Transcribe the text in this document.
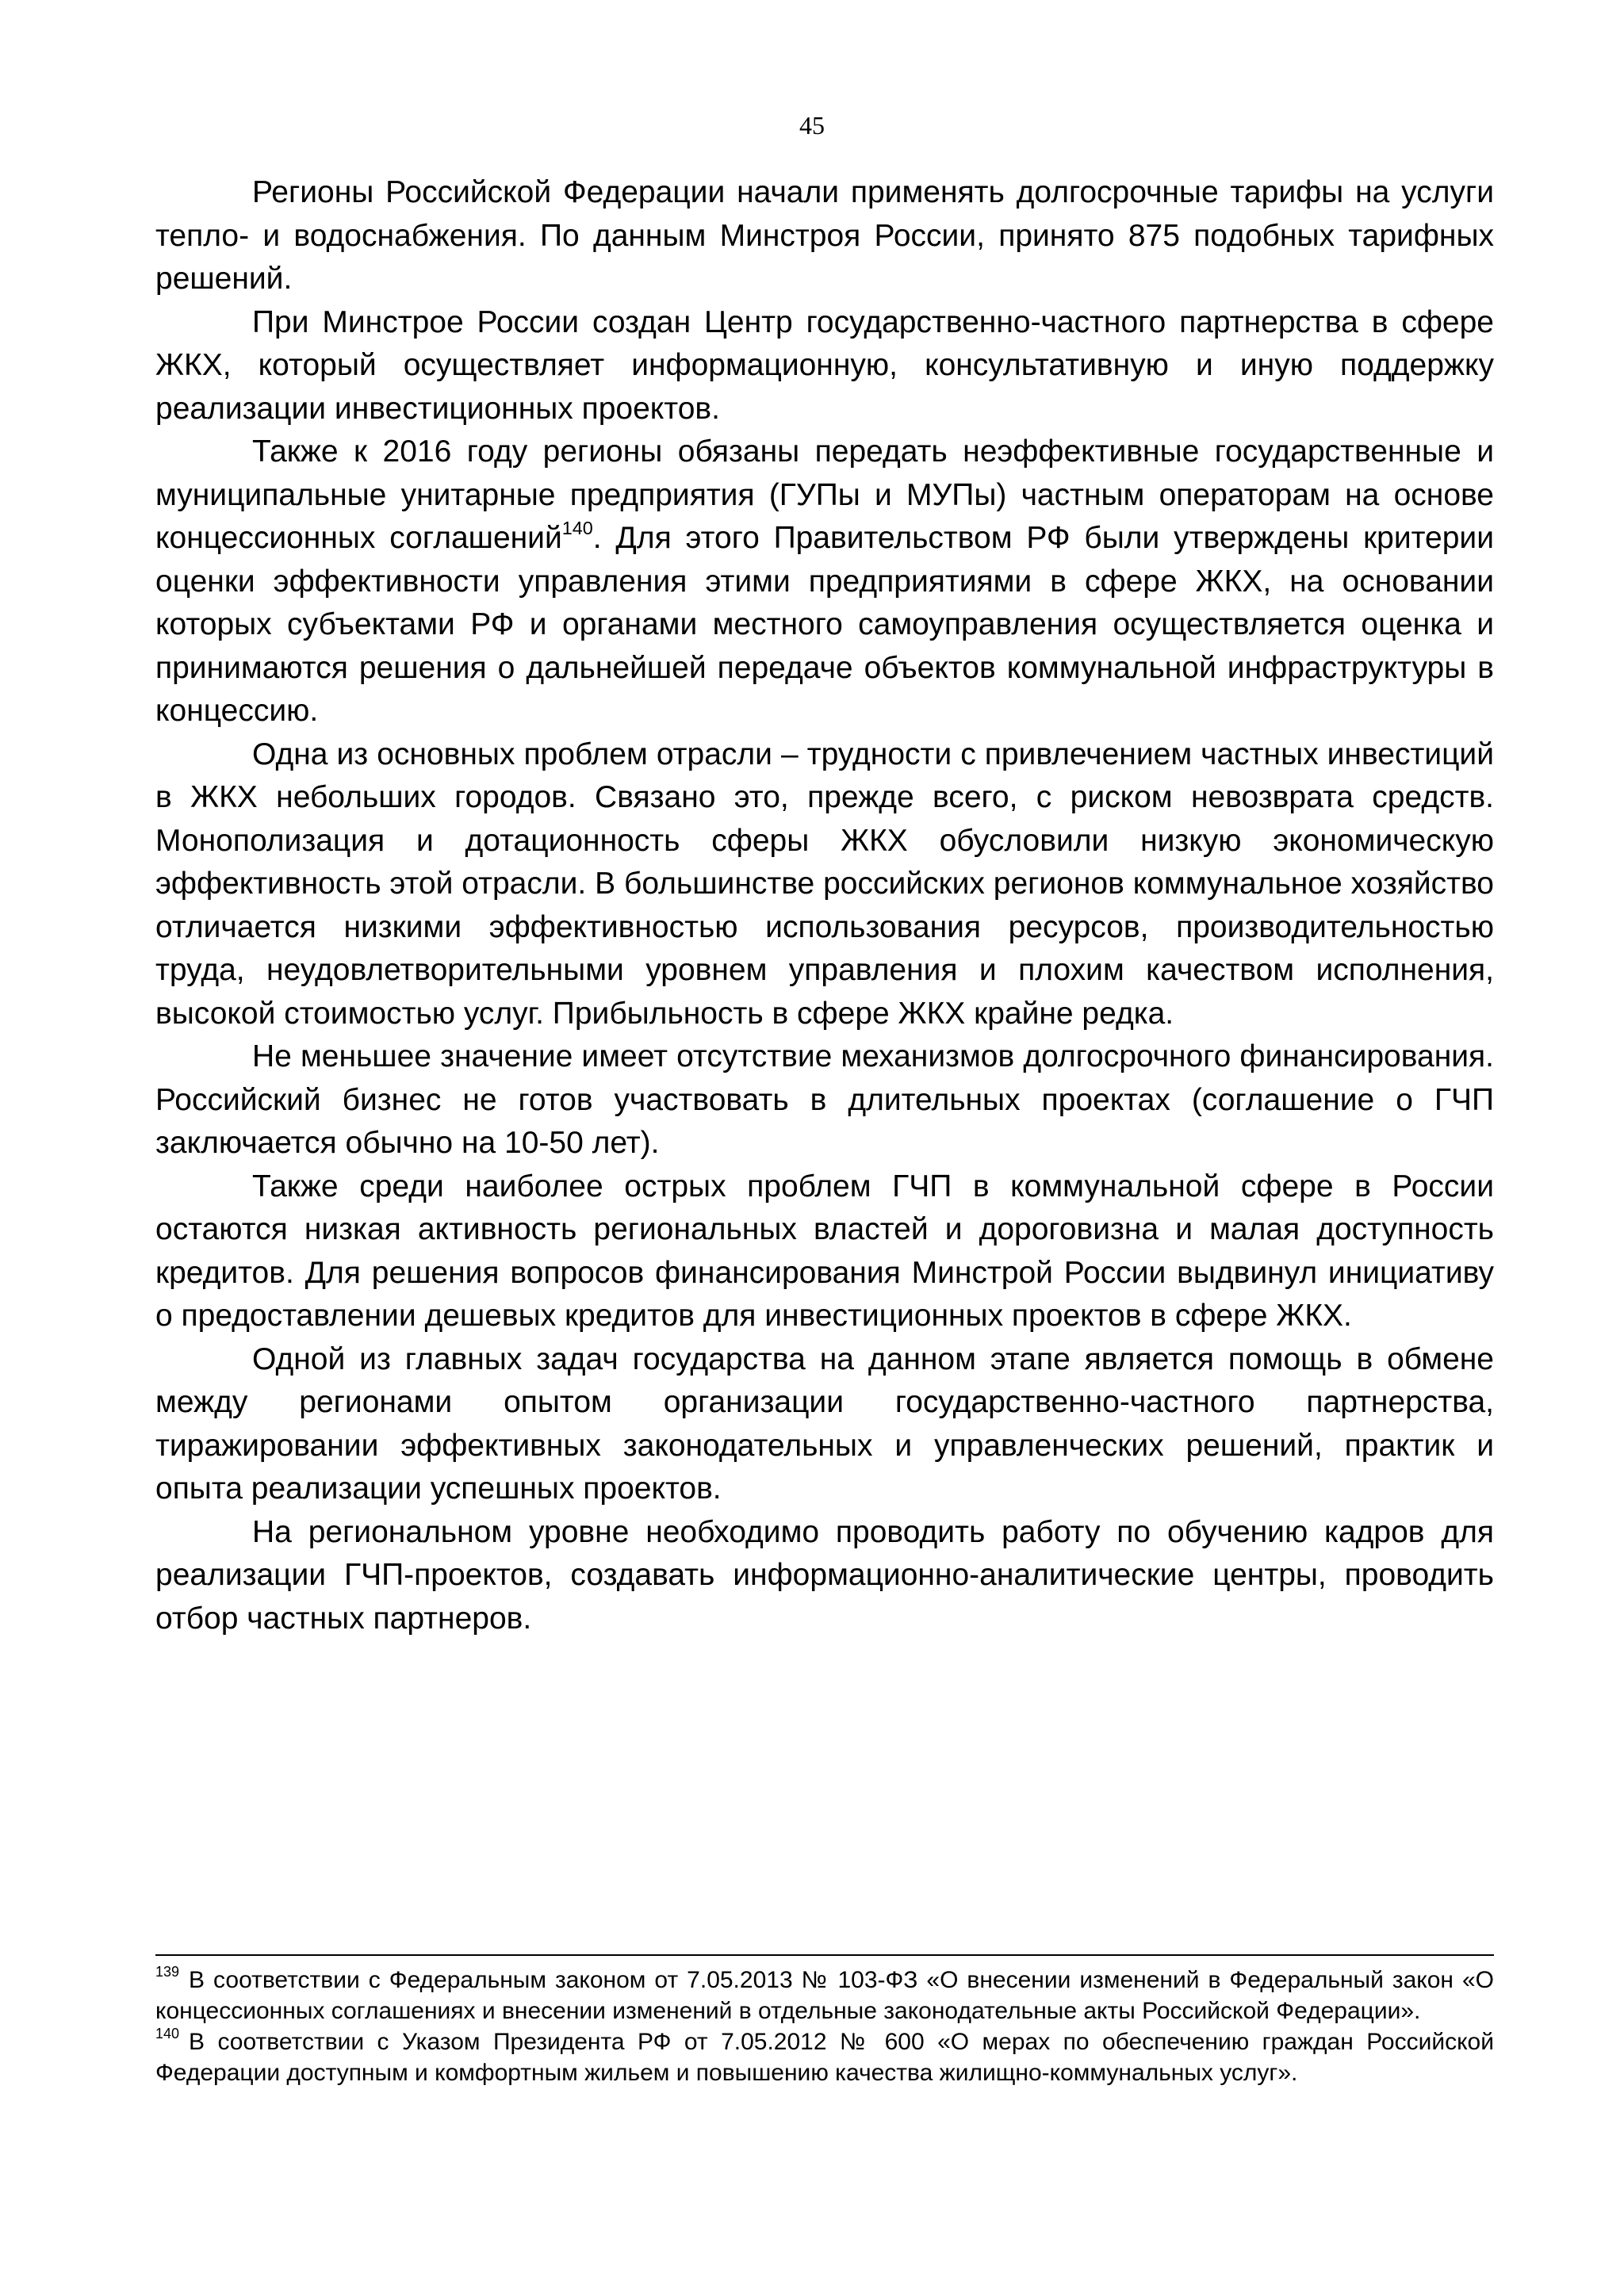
45

Регионы Российской Федерации начали применять долгосрочные тарифы на услуги тепло- и водоснабжения. По данным Минстроя России, принято 875 подобных тарифных решений.

При Минстрое России создан Центр государственно-частного партнерства в сфере ЖКХ, который осуществляет информационную, консультативную и иную поддержку реализации инвестиционных проектов.

Также к 2016 году регионы обязаны передать неэффективные государственные и муниципальные унитарные предприятия (ГУПы и МУПы) частным операторам на основе концессионных соглашений$^{140}$. Для этого Правительством РФ были утверждены критерии оценки эффективности управления этими предприятиями в сфере ЖКХ, на основании которых субъектами РФ и органами местного самоуправления осуществляется оценка и принимаются решения о дальнейшей передаче объектов коммунальной инфраструктуры в концессию.

Одна из основных проблем отрасли – трудности с привлечением частных инвестиций в ЖКХ небольших городов. Связано это, прежде всего, с риском невозврата средств. Монополизация и дотационность сферы ЖКХ обусловили низкую экономическую эффективность этой отрасли. В большинстве российских регионов коммунальное хозяйство отличается низкими эффективностью использования ресурсов, производительностью труда, неудовлетворительными уровнем управления и плохим качеством исполнения, высокой стоимостью услуг. Прибыльность в сфере ЖКХ крайне редка.

Не меньшее значение имеет отсутствие механизмов долгосрочного финансирования. Российский бизнес не готов участвовать в длительных проектах (соглашение о ГЧП заключается обычно на 10-50 лет).

Также среди наиболее острых проблем ГЧП в коммунальной сфере в России остаются низкая активность региональных властей и дороговизна и малая доступность кредитов. Для решения вопросов финансирования Минстрой России выдвинул инициативу о предоставлении дешевых кредитов для инвестиционных проектов в сфере ЖКХ.

Одной из главных задач государства на данном этапе является помощь в обмене между регионами опытом организации государственно-частного партнерства, тиражировании эффективных законодательных и управленческих решений, практик и опыта реализации успешных проектов.

На региональном уровне необходимо проводить работу по обучению кадров для реализации ГЧП-проектов, создавать информационно-аналитические центры, проводить отбор частных партнеров.

$^{139}$ В соответствии с Федеральным законом от 7.05.2013 № 103-ФЗ «О внесении изменений в Федеральный закон «О концессионных соглашениях и внесении изменений в отдельные законодательные акты Российской Федерации».

$^{140}$ В соответствии с Указом Президента РФ от 7.05.2012 № 600 «О мерах по обеспечению граждан Российской Федерации доступным и комфортным жильем и повышению качества жилищно-коммунальных услуг».
